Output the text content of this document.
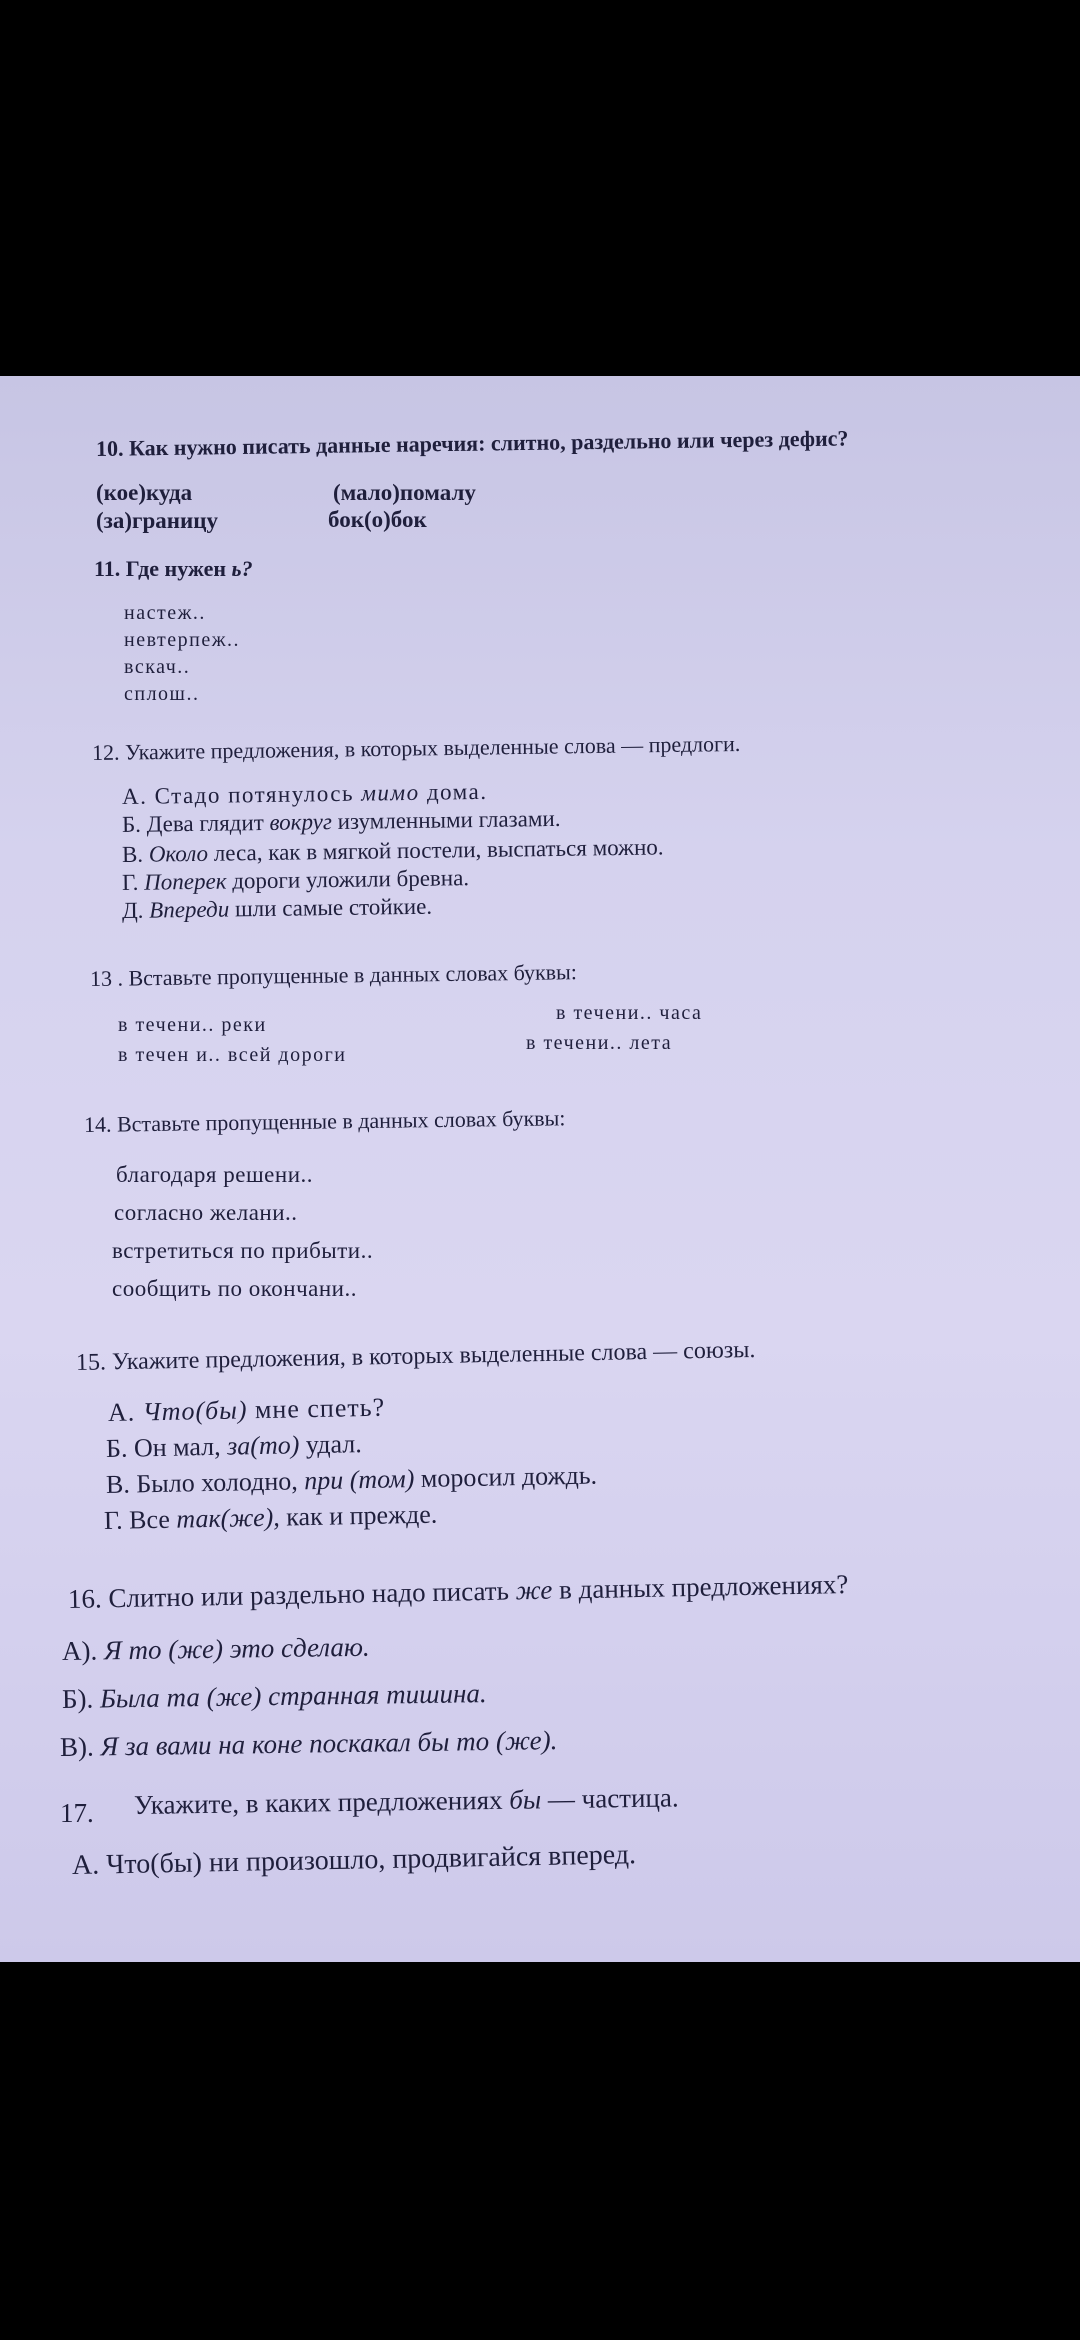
10. Как нужно писать данные наречия: слитно, раздельно или через дефис?
(кое)куда	(мало)помалу
(за)границу	бок(о)бок
11. Где нужен ь?
настеж..
невтерпеж..
вскач..
сплош..
12. Укажите предложения, в которых выделенные слова — предлоги.
А. Стадо потянулось мимо дома.
Б. Дева глядит вокруг изумленными глазами.
В. Около леса, как в мягкой постели, выспаться можно.
Г. Поперек дороги уложили бревна.
Д. Впереди шли самые стойкие.
13 . Вставьте пропущенные в данных словах буквы:
в течени.. реки
в течени.. часа
в течен и.. всей дороги
в течени.. лета
14. Вставьте пропущенные в данных словах буквы:
благодаря решени..
согласно желани..
встретиться по прибыти..
сообщить по окончани..
15. Укажите предложения, в которых выделенные слова — союзы.
А. Что(бы) мне спеть?
Б. Он мал, за(то) удал.
В. Было холодно, при (том) моросил дождь.
Г. Все так(же), как и прежде.
16. Слитно или раздельно надо писать же в данных предложениях?
А). Я то (же) это сделаю.
Б). Была та (же) странная тишина.
В). Я за вами на коне поскакал бы то (же).
17. Укажите, в каких предложениях бы — частица.
А. Что(бы) ни произошло, продвигайся вперед.
